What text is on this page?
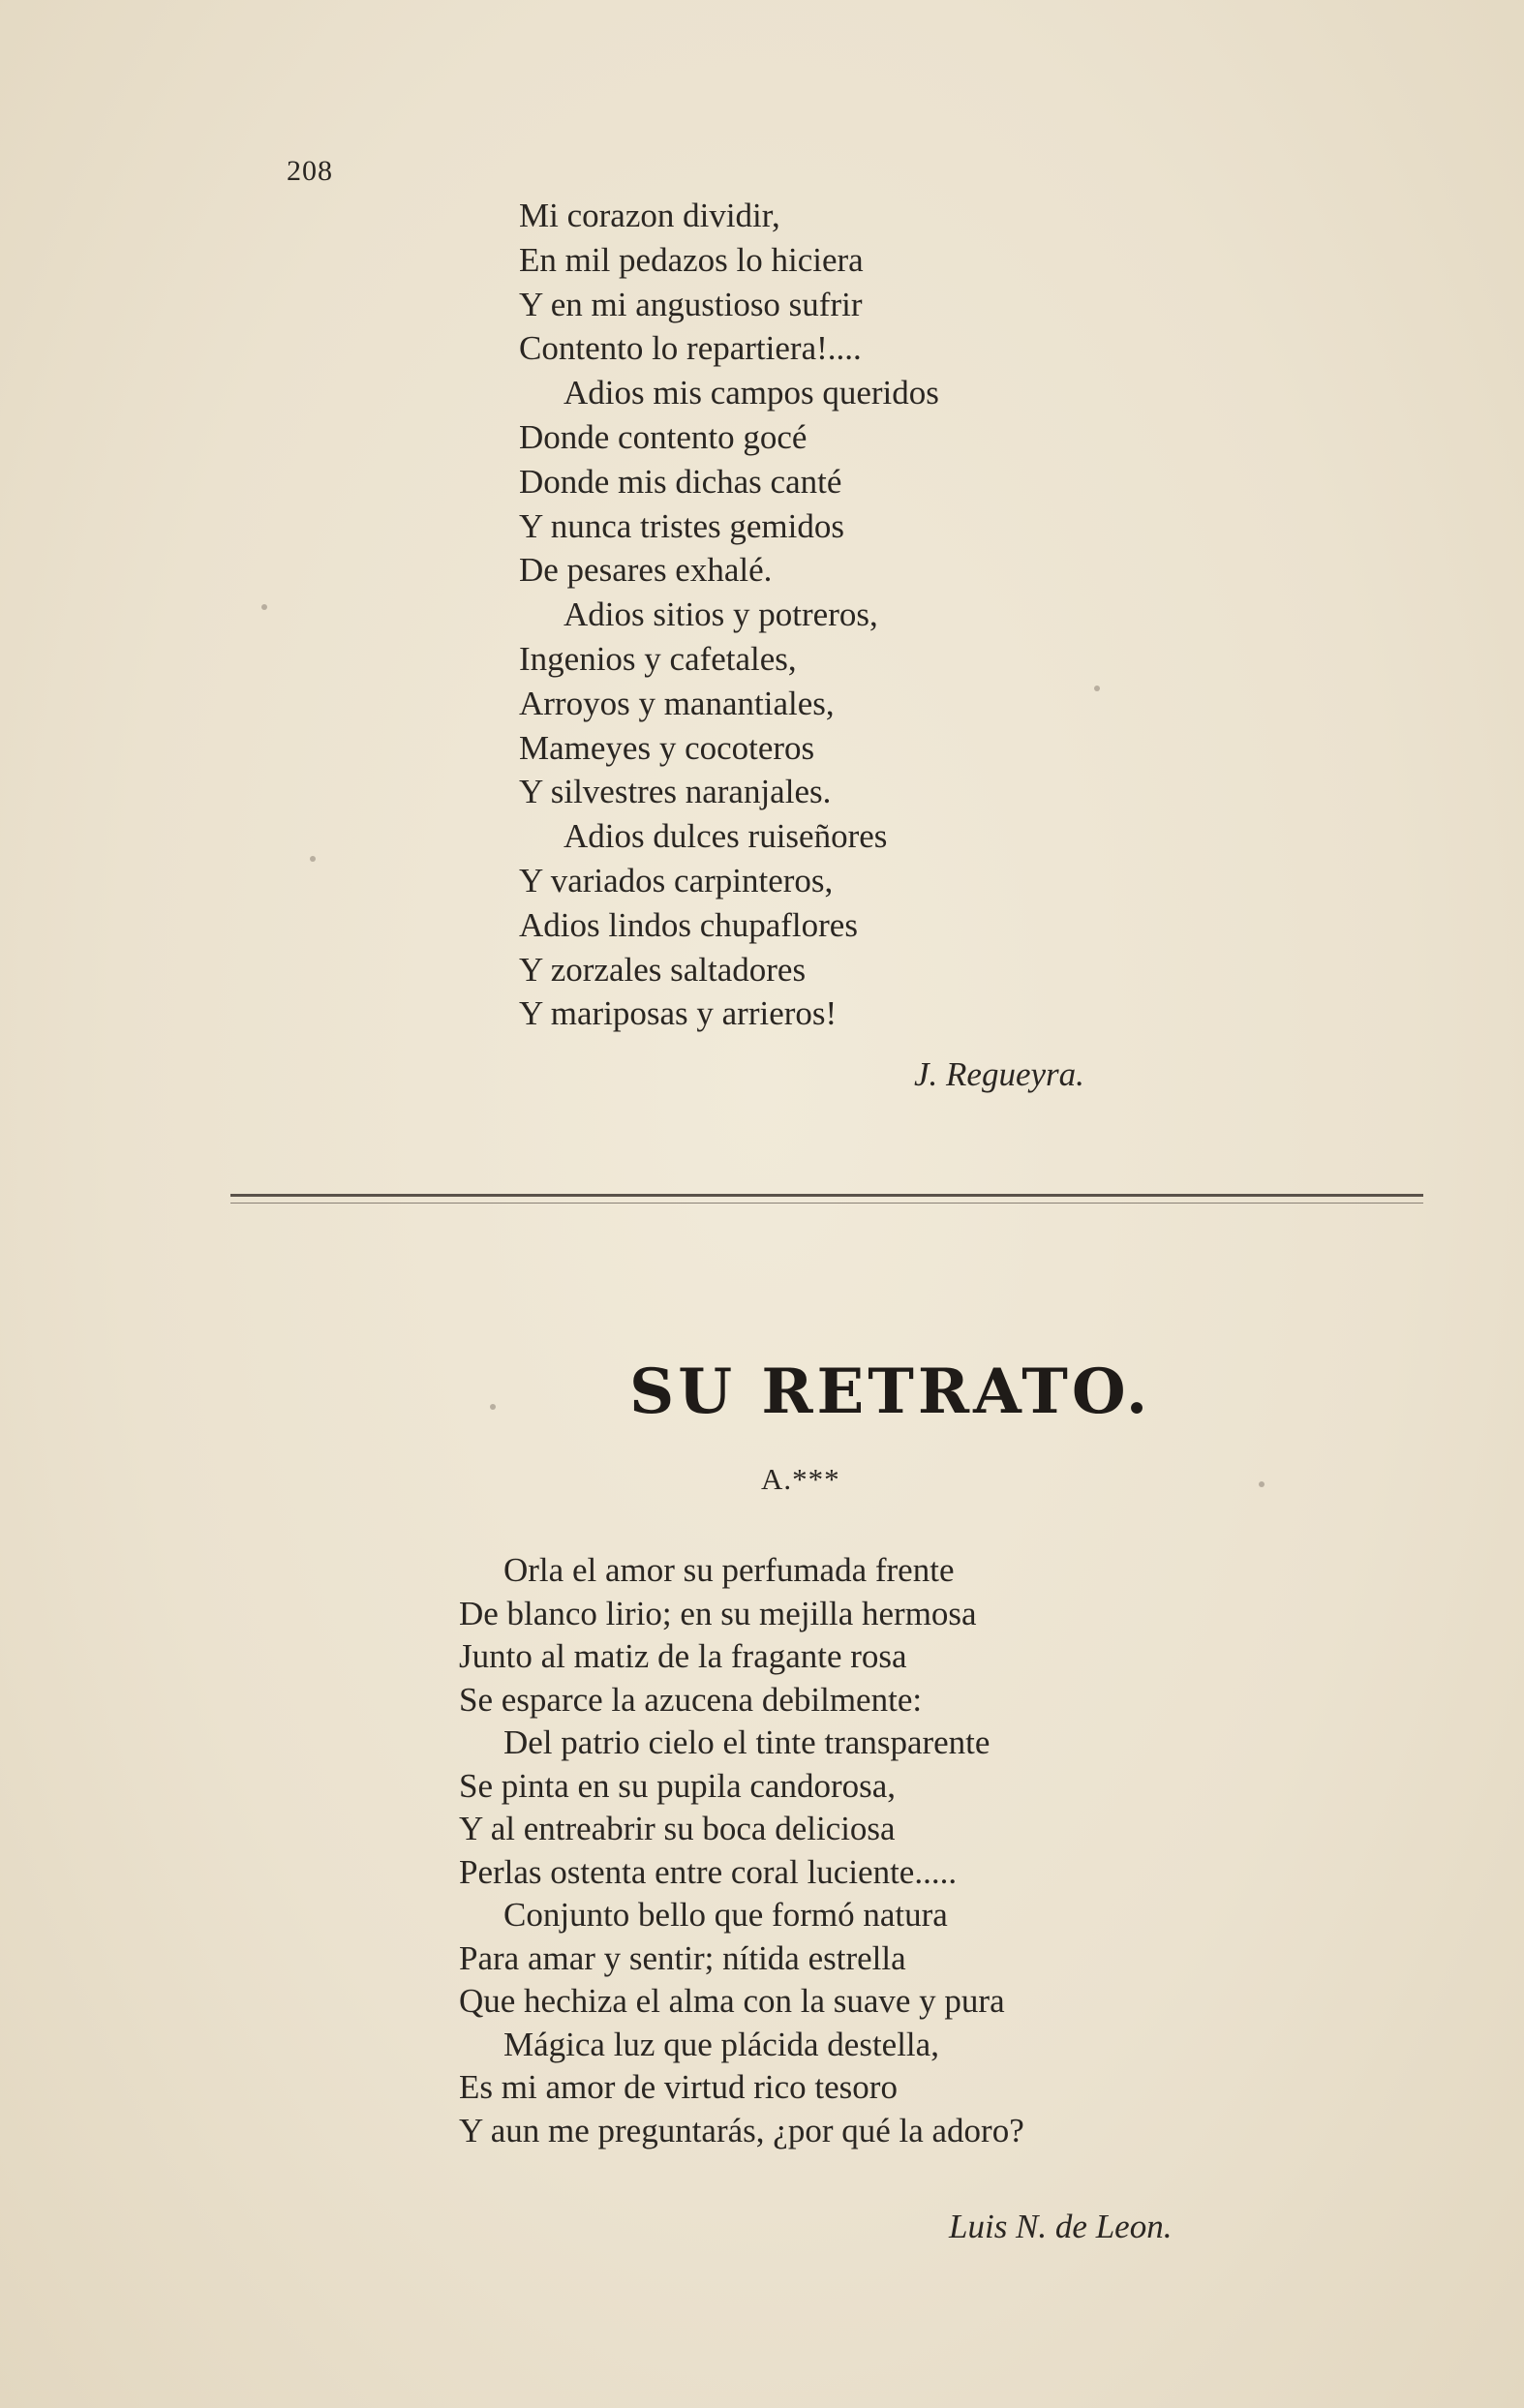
208
Mi corazon dividir,
En mil pedazos lo hiciera
Y en mi angustioso sufrir
Contento lo repartiera!....
Adios mis campos queridos
Donde contento gocé
Donde mis dichas canté
Y nunca tristes gemidos
De pesares exhalé.
Adios sitios y potreros,
Ingenios y cafetales,
Arroyos y manantiales,
Mameyes y cocoteros
Y silvestres naranjales.
Adios dulces ruiseñores
Y variados carpinteros,
Adios lindos chupaflores
Y zorzales saltadores
Y mariposas y arrieros!
J. Regueyra.
SU RETRATO.
A.***
Orla el amor su perfumada frente
De blanco lirio; en su mejilla hermosa
Junto al matiz de la fragante rosa
Se esparce la azucena debilmente:
Del patrio cielo el tinte transparente
Se pinta en su pupila candorosa,
Y al entreabrir su boca deliciosa
Perlas ostenta entre coral luciente.....
Conjunto bello que formó natura
Para amar y sentir; nítida estrella
Que hechiza el alma con la suave y pura
Mágica luz que plácida destella,
Es mi amor de virtud rico tesoro
Y aun me preguntarás, ¿por qué la adoro?
Luis N. de Leon.
